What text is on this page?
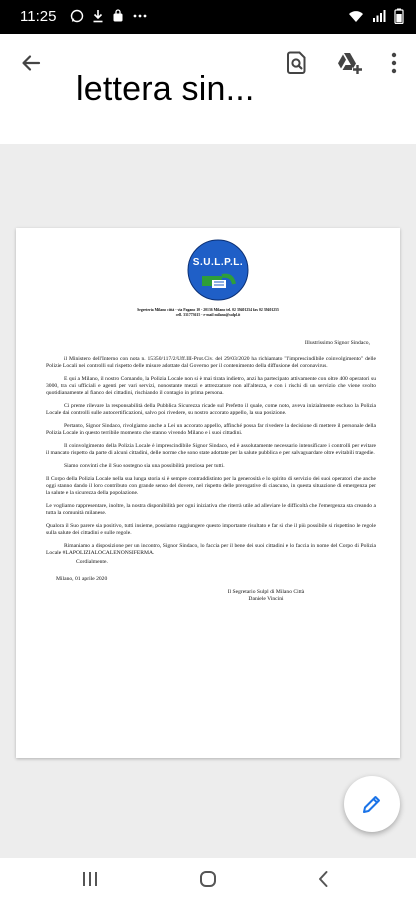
11:25
lettera sin...
S.U.L.P.L.
Segreteria Milano città - via Pagano 10 - 20136 Milano tel. 02 39401254 fax 02 39401255
cell. 331773615 - e-mail milano@sulpl.it

Illustrissimo Signor Sindaco,

il Ministero dell'Interno con nota n. 15350/117/2/Uff.III-Prot.Civ. del 29/03/2020 ha richiamato "l'imprescindibile coinvolgimento" delle Polizie Locali nei controlli sul rispetto delle misure adottate dal Governo per il contenimento della diffusione del coronavirus.

E qui a Milano, il nostro Comando, la Polizia Locale non si è mai tirata indietro, anzi ha partecipato attivamente con oltre 400 operatori su 3000, tra cui ufficiali e agenti per vari servizi, nonostante mezzi e attrezzature non all'altezza, e con i rischi di un servizio che viene svolto quotidianamente al fianco dei cittadini, rischiando il contagio in prima persona.

Ci preme rilevare la responsabilità della Pubblica Sicurezza ricade sul Prefetto il quale, come noto, aveva inizialmente escluso la Polizia Locale dai controlli sulle autocertificazioni, salvo poi rivedere, su nostro accorato appello, la sua posizione.

Pertanto, Signor Sindaco, rivolgiamo anche a Lei un accorato appello, affinché possa far rivedere la decisione di mettere il personale della Polizia Locale in questo terribile momento che stanno vivendo Milano e i suoi cittadini.

Il coinvolgimento della Polizia Locale è imprescindibile Signor Sindaco, ed è assolutamente necessario intensificare i controlli per evitare il mancato rispetto da parte di alcuni cittadini, delle norme che sono state adottate per la salute pubblica e per salvaguardare oltre evitabili tragedie.

Siamo convinti che il Suo sostegno sia una possibilità preziosa per tutti.

Il Corpo della Polizia Locale nella sua lunga storia si è sempre contraddistinto per la generosità e lo spirito di servizio dei suoi operatori che anche oggi stanno dando il loro contributo con grande senso del dovere, nel rispetto delle prerogative di ciascuno, in questa situazione di emergenza per la salute e la sicurezza della popolazione.

Le vogliamo rappresentare, inoltre, la nostra disponibilità per ogni iniziativa che riterrà utile ad alleviare le difficoltà che l'emergenza sta creando a tutta la comunità milanese.

Qualora il Suo parere sia positivo, tutti insieme, possiamo raggiungere questo importante risultato e far sì che il più possibile si rispettino le regole sulla salute dei cittadini e sulle regole.

Rimaniamo a disposizione per un incontro, Signor Sindaco, lo faccia per il bene dei suoi cittadini e lo faccia in nome del Corpo di Polizia Locale #LAPOLIZIALOCALENONSIFERMA.

Cordialmente.

Milano, 01 aprile 2020

Il Segretario Sulpl di Milano Città

Daniele Vincini
